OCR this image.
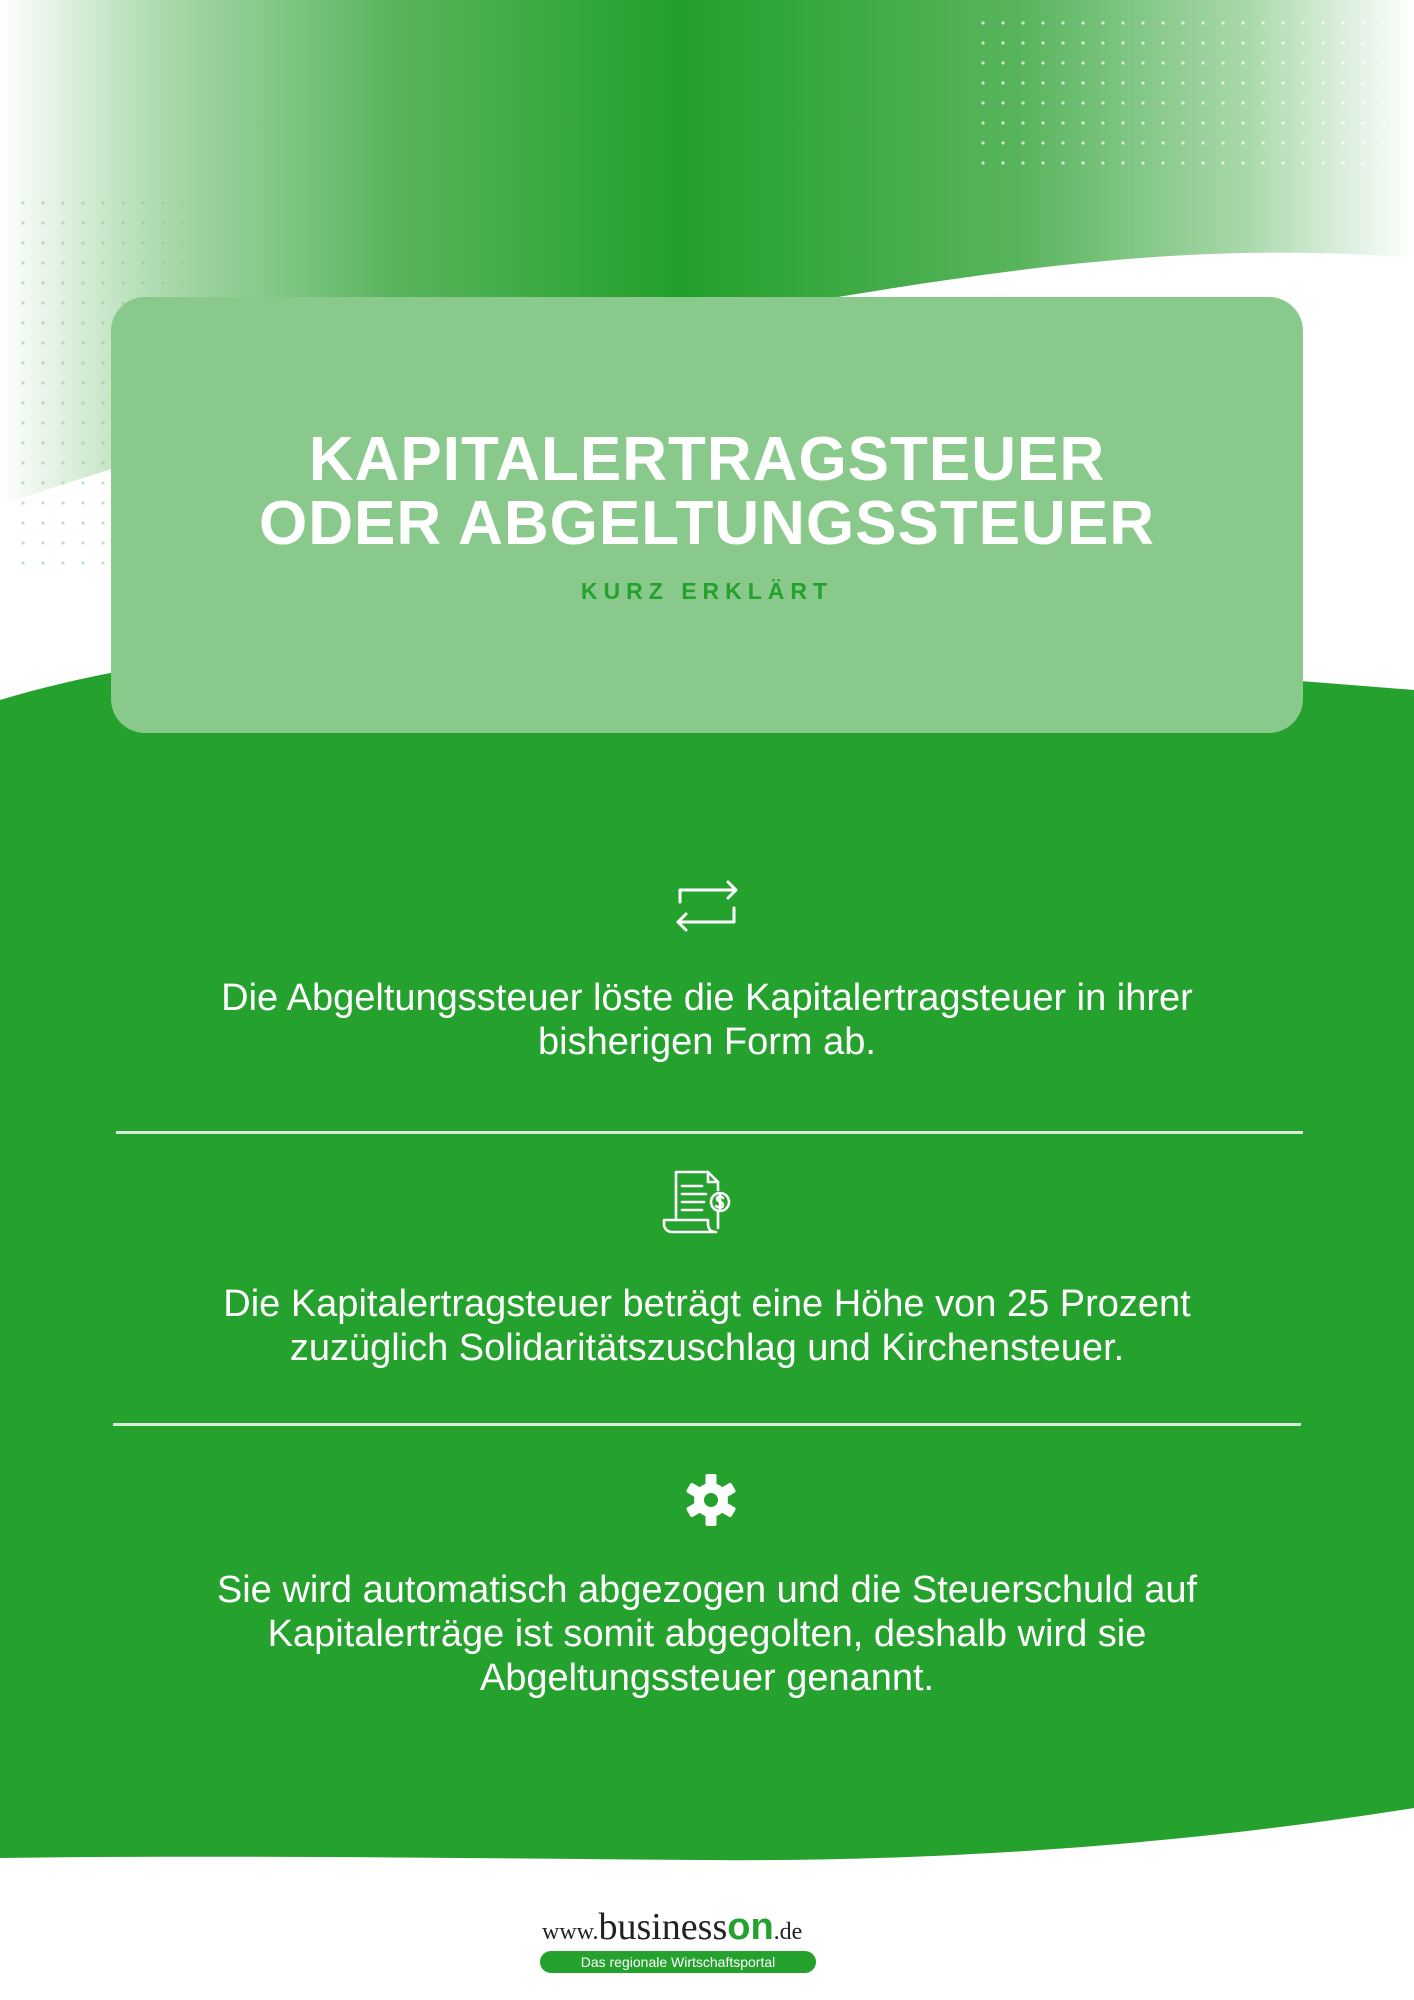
KAPITALERTRAGSTEUER
ODER ABGELTUNGSSTEUER
KURZ ERKLÄRT
Die Abgeltungssteuer löste die Kapitalertragsteuer in ihrer
bisherigen Form ab.
Die Kapitalertragsteuer beträgt eine Höhe von 25 Prozent
zuzüglich Solidaritätszuschlag und Kirchensteuer.
Sie wird automatisch abgezogen und die Steuerschuld auf
Kapitalerträge ist somit abgegolten, deshalb wird sie
Abgeltungssteuer genannt.
www.businesson.de
Das regionale Wirtschaftsportal
